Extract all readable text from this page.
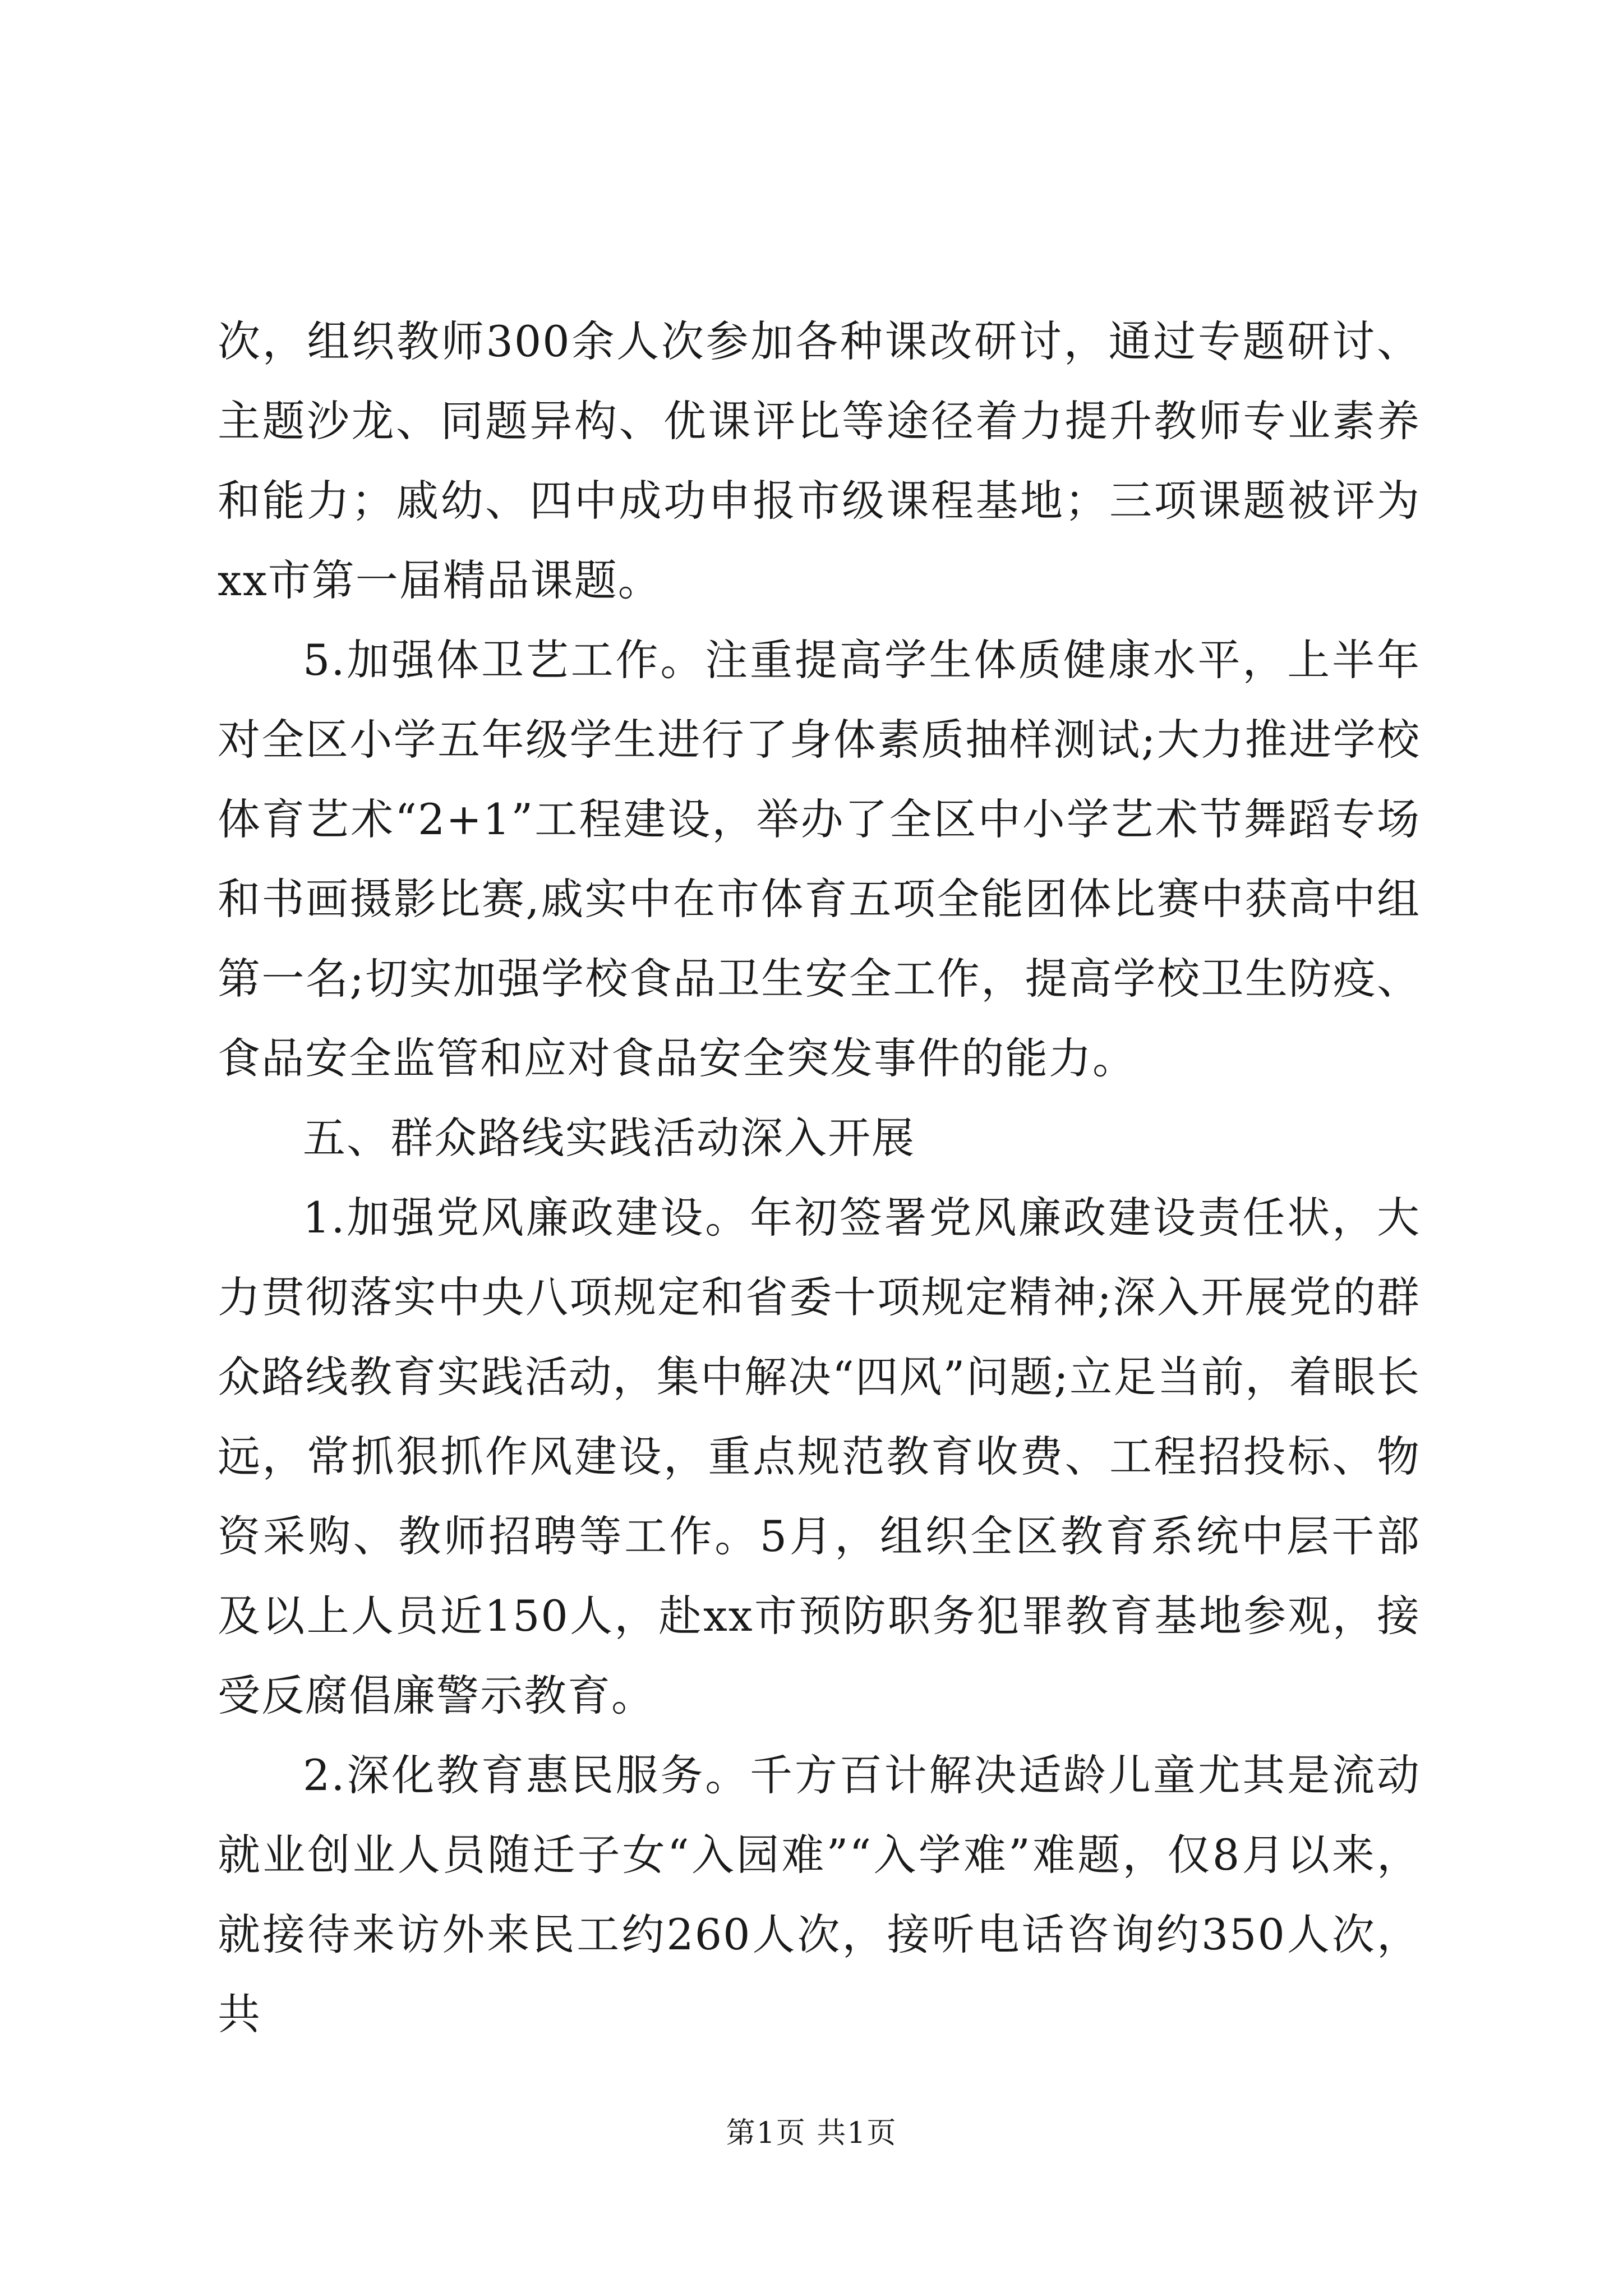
次，组织教师300余人次参加各种课改研讨，通过专题研讨、主题沙龙、同题异构、优课评比等途径着力提升教师专业素养和能力；戚幼、四中成功申报市级课程基地；三项课题被评为xx市第一届精品课题。

5.加强体卫艺工作。注重提高学生体质健康水平，上半年对全区小学五年级学生进行了身体素质抽样测试;大力推进学校体育艺术“2+1”工程建设，举办了全区中小学艺术节舞蹈专场和书画摄影比赛,戚实中在市体育五项全能团体比赛中获高中组第一名;切实加强学校食品卫生安全工作，提高学校卫生防疫、食品安全监管和应对食品安全突发事件的能力。

五、群众路线实践活动深入开展

1.加强党风廉政建设。年初签署党风廉政建设责任状，大力贯彻落实中央八项规定和省委十项规定精神;深入开展党的群众路线教育实践活动，集中解决“四风”问题;立足当前，着眼长远，常抓狠抓作风建设，重点规范教育收费、工程招投标、物资采购、教师招聘等工作。5月，组织全区教育系统中层干部及以上人员近150人，赴xx市预防职务犯罪教育基地参观，接受反腐倡廉警示教育。

2.深化教育惠民服务。千方百计解决适龄儿童尤其是流动就业创业人员随迁子女“入园难”“入学难”难题，仅8月以来，就接待来访外来民工约260人次，接听电话咨询约350人次，共

第1页 共1页
